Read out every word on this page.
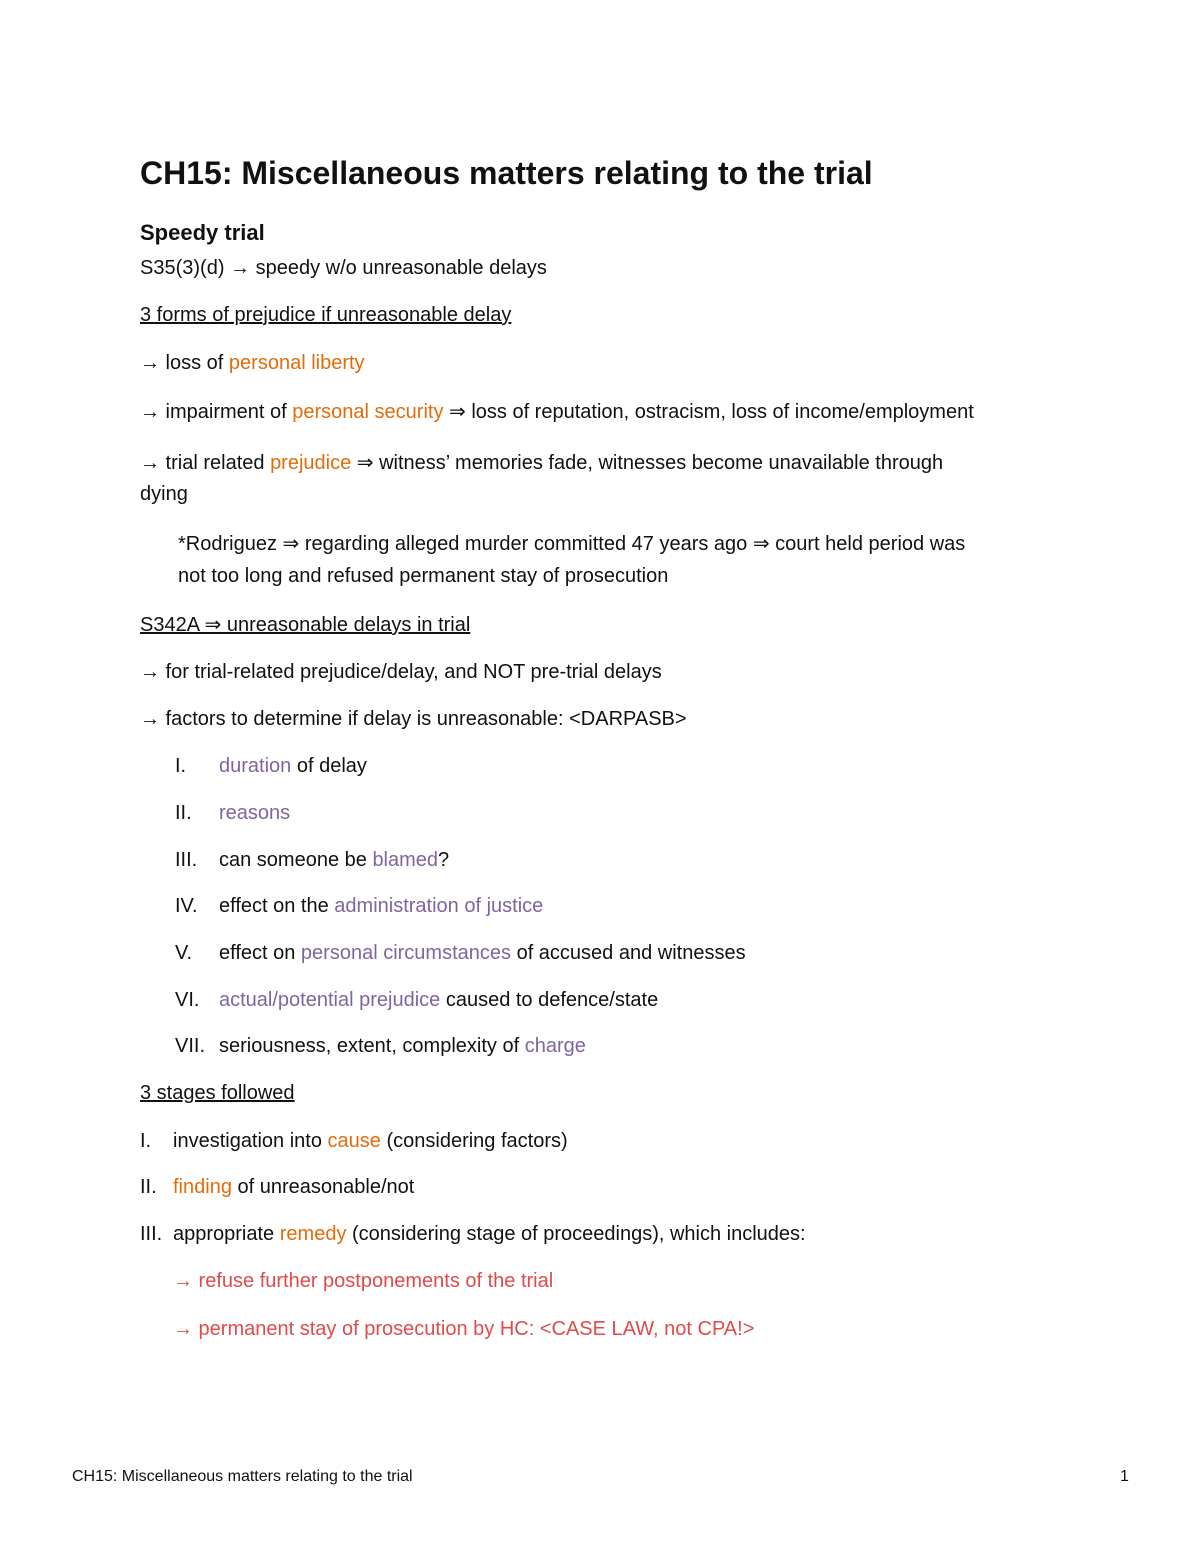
CH15: Miscellaneous matters relating to the trial
Speedy trial
S35(3)(d) → speedy w/o unreasonable delays
3 forms of prejudice if unreasonable delay
→ loss of personal liberty
→ impairment of personal security ⇒ loss of reputation, ostracism, loss of income/employment
→ trial related prejudice ⇒ witness’ memories fade, witnesses become unavailable through
dying
*Rodriguez ⇒ regarding alleged murder committed 47 years ago ⇒ court held period was
not too long and refused permanent stay of prosecution
S342A ⇒ unreasonable delays in trial
→ for trial-related prejudice/delay, and NOT pre-trial delays
→ factors to determine if delay is unreasonable: <DARPASB>
I. duration of delay
II. reasons
III. can someone be blamed?
IV. effect on the administration of justice
V. effect on personal circumstances of accused and witnesses
VI. actual/potential prejudice caused to defence/state
VII. seriousness, extent, complexity of charge
3 stages followed
I. investigation into cause (considering factors)
II. finding of unreasonable/not
III. appropriate remedy (considering stage of proceedings), which includes:
→ refuse further postponements of the trial
→ permanent stay of prosecution by HC: <CASE LAW, not CPA!>
CH15: Miscellaneous matters relating to the trial	1
